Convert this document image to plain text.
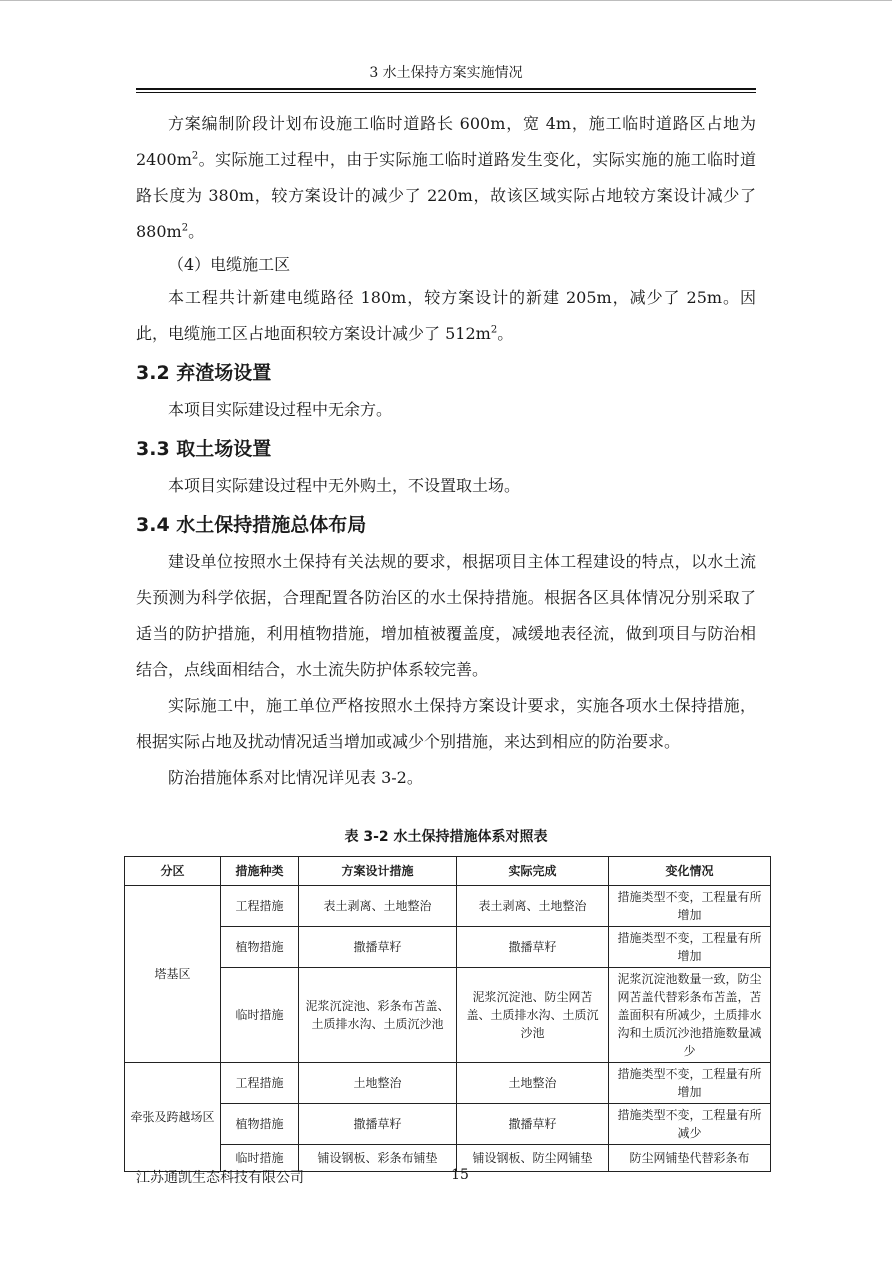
3 水土保持方案实施情况

方案编制阶段计划布设施工临时道路长 600m，宽 4m，施工临时道路区占地为 $2400m^2$。实际施工过程中，由于实际施工临时道路发生变化，实际实施的施工临时道路长度为 380m，较方案设计的减少了 220m，故该区域实际占地较方案设计减少了 $880m^2$。

（4）电缆施工区

本工程共计新建电缆路径 180m，较方案设计的新建 205m，减少了 25m。因此，电缆施工区占地面积较方案设计减少了 $512m^2$。

3.2 弃渣场设置

本项目实际建设过程中无余方。

3.3 取土场设置

本项目实际建设过程中无外购土，不设置取土场。

3.4 水土保持措施总体布局

建设单位按照水土保持有关法规的要求，根据项目主体工程建设的特点，以水土流失预测为科学依据，合理配置各防治区的水土保持措施。根据各区具体情况分别采取了适当的防护措施，利用植物措施，增加植被覆盖度，减缓地表径流，做到项目与防治相结合，点线面相结合，水土流失防护体系较完善。

实际施工中，施工单位严格按照水土保持方案设计要求，实施各项水土保持措施，根据实际占地及扰动情况适当增加或减少个别措施，来达到相应的防治要求。

防治措施体系对比情况详见表 3-2。

表 3-2 水土保持措施体系对照表
分区	措施种类	方案设计措施	实际完成	变化情况
塔基区	工程措施	表土剥离、土地整治	表土剥离、土地整治	措施类型不变，工程量有所增加
	植物措施	撒播草籽	撒播草籽	措施类型不变，工程量有所增加
	临时措施	泥浆沉淀池、彩条布苫盖、土质排水沟、土质沉沙池	泥浆沉淀池、防尘网苫盖、土质排水沟、土质沉沙池	泥浆沉淀池数量一致，防尘网苫盖代替彩条布苫盖，苫盖面积有所减少，土质排水沟和土质沉沙池措施数量减少
牵张及跨越场区	工程措施	土地整治	土地整治	措施类型不变，工程量有所增加
	植物措施	撒播草籽	撒播草籽	措施类型不变，工程量有所减少
	临时措施	铺设钢板、彩条布铺垫	铺设钢板、防尘网铺垫	防尘网铺垫代替彩条布
江苏通凯生态科技有限公司	15
